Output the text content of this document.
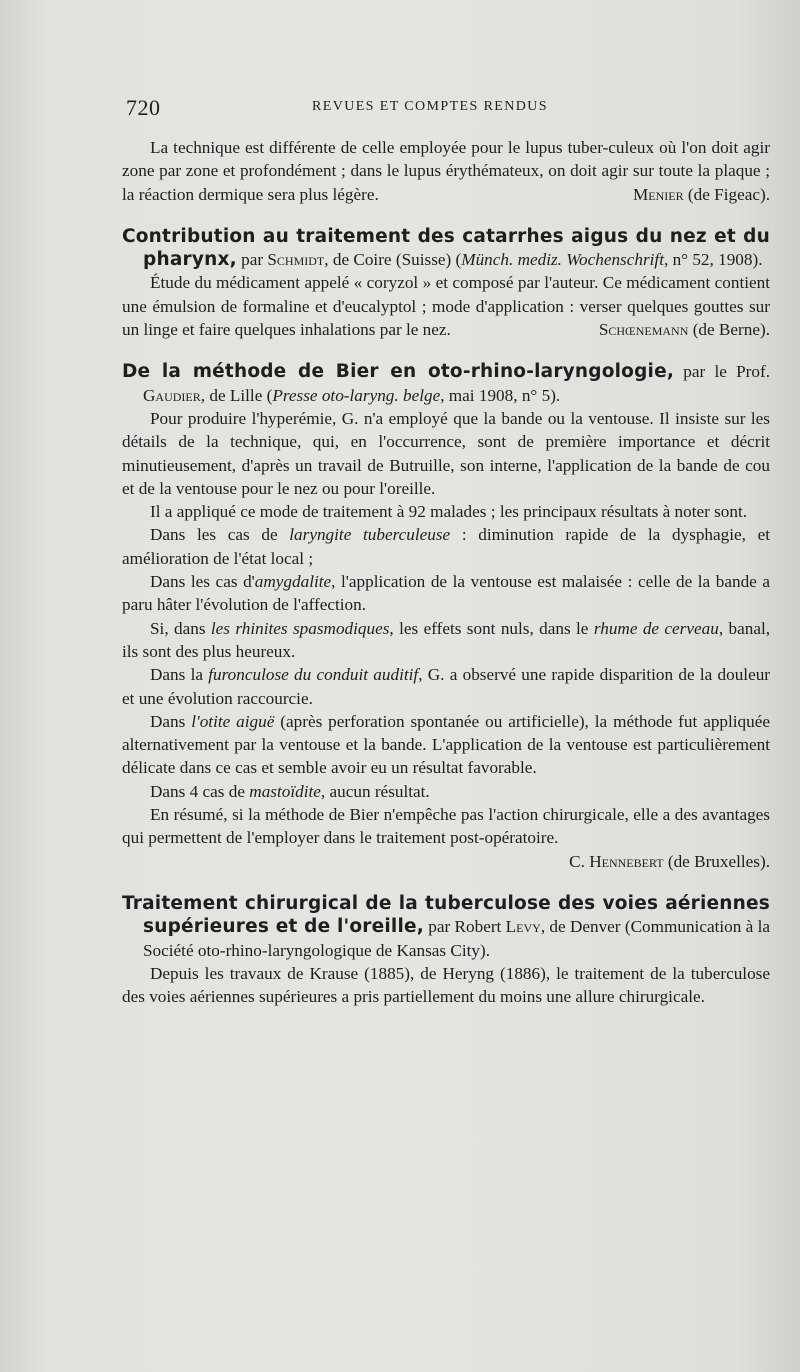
720	REVUES ET COMPTES RENDUS

La technique est différente de celle employée pour le lupus tuber-culeux où l'on doit agir zone par zone et profondément ; dans le lupus érythémateux, on doit agir sur toute la plaque ; la réaction dermique sera plus légère.	Menier (de Figeac).

Contribution au traitement des catarrhes aigus du nez et du pharynx, par Schmidt, de Coire (Suisse) (Münch. mediz. Wochenschrift, n° 52, 1908).

Étude du médicament appelé « coryzol » et composé par l'auteur. Ce médicament contient une émulsion de formaline et d'eucalyptol ; mode d'application : verser quelques gouttes sur un linge et faire quelques inhalations par le nez.	Schœnemann (de Berne).

De la méthode de Bier en oto-rhino-laryngologie, par le Prof. Gaudier, de Lille (Presse oto-laryng. belge, mai 1908, n° 5).

Pour produire l'hyperémie, G. n'a employé que la bande ou la ventouse. Il insiste sur les détails de la technique, qui, en l'occurrence, sont de première importance et décrit minutieusement, d'après un travail de Butruille, son interne, l'application de la bande de cou et de la ventouse pour le nez ou pour l'oreille.

Il a appliqué ce mode de traitement à 92 malades ; les principaux résultats à noter sont.

Dans les cas de laryngite tuberculeuse : diminution rapide de la dysphagie, et amélioration de l'état local ;

Dans les cas d'amygdalite, l'application de la ventouse est malaisée : celle de la bande a paru hâter l'évolution de l'affection.

Si, dans les rhinites spasmodiques, les effets sont nuls, dans le rhume de cerveau, banal, ils sont des plus heureux.

Dans la furonculose du conduit auditif, G. a observé une rapide disparition de la douleur et une évolution raccourcie.

Dans l'otite aiguë (après perforation spontanée ou artificielle), la méthode fut appliquée alternativement par la ventouse et la bande. L'application de la ventouse est particulièrement délicate dans ce cas et semble avoir eu un résultat favorable.

Dans 4 cas de mastoïdite, aucun résultat.

En résumé, si la méthode de Bier n'empêche pas l'action chirurgicale, elle a des avantages qui permettent de l'employer dans le traitement post-opératoire.
C. Hennebert (de Bruxelles).

Traitement chirurgical de la tuberculose des voies aériennes supérieures et de l'oreille, par Robert Levy, de Denver (Communication à la Société oto-rhino-laryngologique de Kansas City).

Depuis les travaux de Krause (1885), de Heryng (1886), le traitement de la tuberculose des voies aériennes supérieures a pris partiellement du moins une allure chirurgicale.
